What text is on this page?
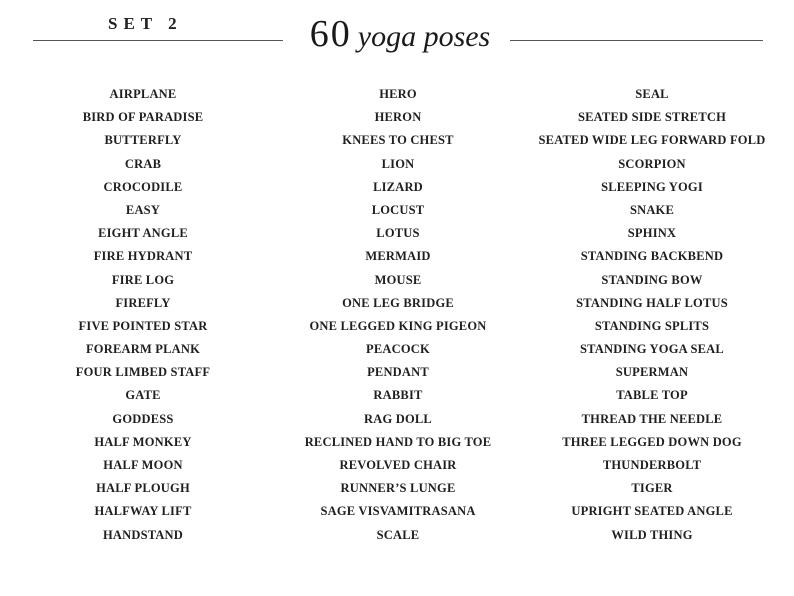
SET 2	60 yoga poses
AIRPLANE
BIRD OF PARADISE
BUTTERFLY
CRAB
CROCODILE
EASY
EIGHT ANGLE
FIRE HYDRANT
FIRE LOG
FIREFLY
FIVE POINTED STAR
FOREARM PLANK
FOUR LIMBED STAFF
GATE
GODDESS
HALF MONKEY
HALF MOON
HALF PLOUGH
HALFWAY LIFT
HANDSTAND
HERO
HERON
KNEES TO CHEST
LION
LIZARD
LOCUST
LOTUS
MERMAID
MOUSE
ONE LEG BRIDGE
ONE LEGGED KING PIGEON
PEACOCK
PENDANT
RABBIT
RAG DOLL
RECLINED HAND TO BIG TOE
REVOLVED CHAIR
RUNNER’S LUNGE
SAGE VISVAMITRASANA
SCALE
SEAL
SEATED SIDE STRETCH
SEATED WIDE LEG FORWARD FOLD
SCORPION
SLEEPING YOGI
SNAKE
SPHINX
STANDING BACKBEND
STANDING BOW
STANDING HALF LOTUS
STANDING SPLITS
STANDING YOGA SEAL
SUPERMAN
TABLE TOP
THREAD THE NEEDLE
THREE LEGGED DOWN DOG
THUNDERBOLT
TIGER
UPRIGHT SEATED ANGLE
WILD THING
